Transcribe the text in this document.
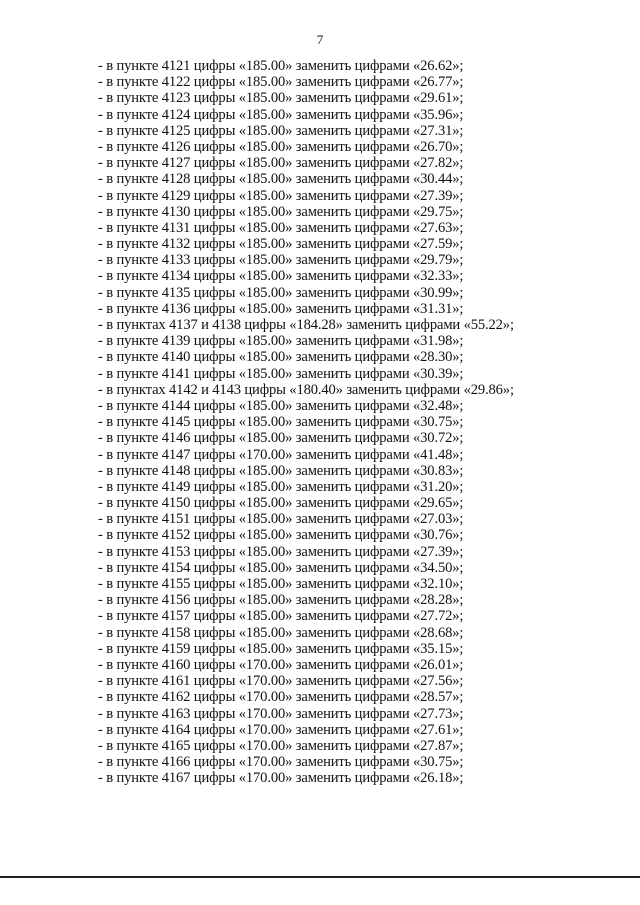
7
- в пункте 4121 цифры «185.00» заменить цифрами «26.62»;
- в пункте 4122 цифры «185.00» заменить цифрами «26.77»;
- в пункте 4123 цифры «185.00» заменить цифрами «29.61»;
- в пункте 4124 цифры «185.00» заменить цифрами «35.96»;
- в пункте 4125 цифры «185.00» заменить цифрами «27.31»;
- в пункте 4126 цифры «185.00» заменить цифрами «26.70»;
- в пункте 4127 цифры «185.00» заменить цифрами «27.82»;
- в пункте 4128 цифры «185.00» заменить цифрами «30.44»;
- в пункте 4129 цифры «185.00» заменить цифрами «27.39»;
- в пункте 4130 цифры «185.00» заменить цифрами «29.75»;
- в пункте 4131 цифры «185.00» заменить цифрами «27.63»;
- в пункте 4132 цифры «185.00» заменить цифрами «27.59»;
- в пункте 4133 цифры «185.00» заменить цифрами «29.79»;
- в пункте 4134 цифры «185.00» заменить цифрами «32.33»;
- в пункте 4135 цифры «185.00» заменить цифрами «30.99»;
- в пункте 4136 цифры «185.00» заменить цифрами «31.31»;
- в пунктах 4137 и 4138 цифры «184.28» заменить цифрами «55.22»;
- в пункте 4139 цифры «185.00» заменить цифрами «31.98»;
- в пункте 4140 цифры «185.00» заменить цифрами «28.30»;
- в пункте 4141 цифры «185.00» заменить цифрами «30.39»;
- в пунктах 4142 и 4143 цифры «180.40» заменить цифрами «29.86»;
- в пункте 4144 цифры «185.00» заменить цифрами «32.48»;
- в пункте 4145 цифры «185.00» заменить цифрами «30.75»;
- в пункте 4146 цифры «185.00» заменить цифрами «30.72»;
- в пункте 4147 цифры «170.00» заменить цифрами «41.48»;
- в пункте 4148 цифры «185.00» заменить цифрами «30.83»;
- в пункте 4149 цифры «185.00» заменить цифрами «31.20»;
- в пункте 4150 цифры «185.00» заменить цифрами «29.65»;
- в пункте 4151 цифры «185.00» заменить цифрами «27.03»;
- в пункте 4152 цифры «185.00» заменить цифрами «30.76»;
- в пункте 4153 цифры «185.00» заменить цифрами «27.39»;
- в пункте 4154 цифры «185.00» заменить цифрами «34.50»;
- в пункте 4155 цифры «185.00» заменить цифрами «32.10»;
- в пункте 4156 цифры «185.00» заменить цифрами «28.28»;
- в пункте 4157 цифры «185.00» заменить цифрами «27.72»;
- в пункте 4158 цифры «185.00» заменить цифрами «28.68»;
- в пункте 4159 цифры «185.00» заменить цифрами «35.15»;
- в пункте 4160 цифры «170.00» заменить цифрами «26.01»;
- в пункте 4161 цифры «170.00» заменить цифрами «27.56»;
- в пункте 4162 цифры «170.00» заменить цифрами «28.57»;
- в пункте 4163 цифры «170.00» заменить цифрами «27.73»;
- в пункте 4164 цифры «170.00» заменить цифрами «27.61»;
- в пункте 4165 цифры «170.00» заменить цифрами «27.87»;
- в пункте 4166 цифры «170.00» заменить цифрами «30.75»;
- в пункте 4167 цифры «170.00» заменить цифрами «26.18»;
